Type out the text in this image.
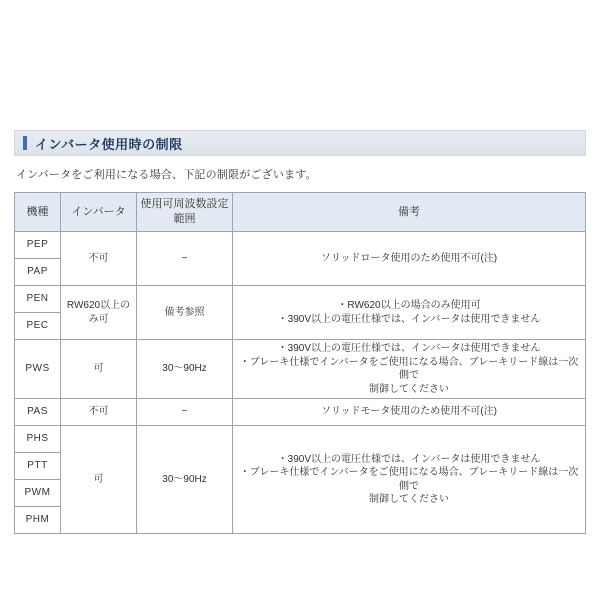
インバータ使用時の制限
インバータをご利用になる場合、下記の制限がございます。
機種	インバータ	使用可周波数設定範囲	備考
PEP	不可	−	ソリッドロータ使用のため使用不可(注)

PAP			
PEN	RW620以上のみ可	備考参照	・RW620以上の場合のみ使用可
・390V以上の電圧仕様では、インバータは使用できません

PEC			
PWS	可	30〜90Hz	・390V以上の電圧仕様では、インバータは使用できません
・ブレーキ仕様でインバータをご使用になる場合、ブレーキリード線は一次側で
制御してください

PAS	不可	−	ソリッドモータ使用のため使用不可(注)

PHS	可	30〜90Hz	・390V以上の電圧仕様では、インバータは使用できません
・ブレーキ仕様でインバータをご使用になる場合、ブレーキリード線は一次側で
制御してください

PTT			
PWM			
PHM			
